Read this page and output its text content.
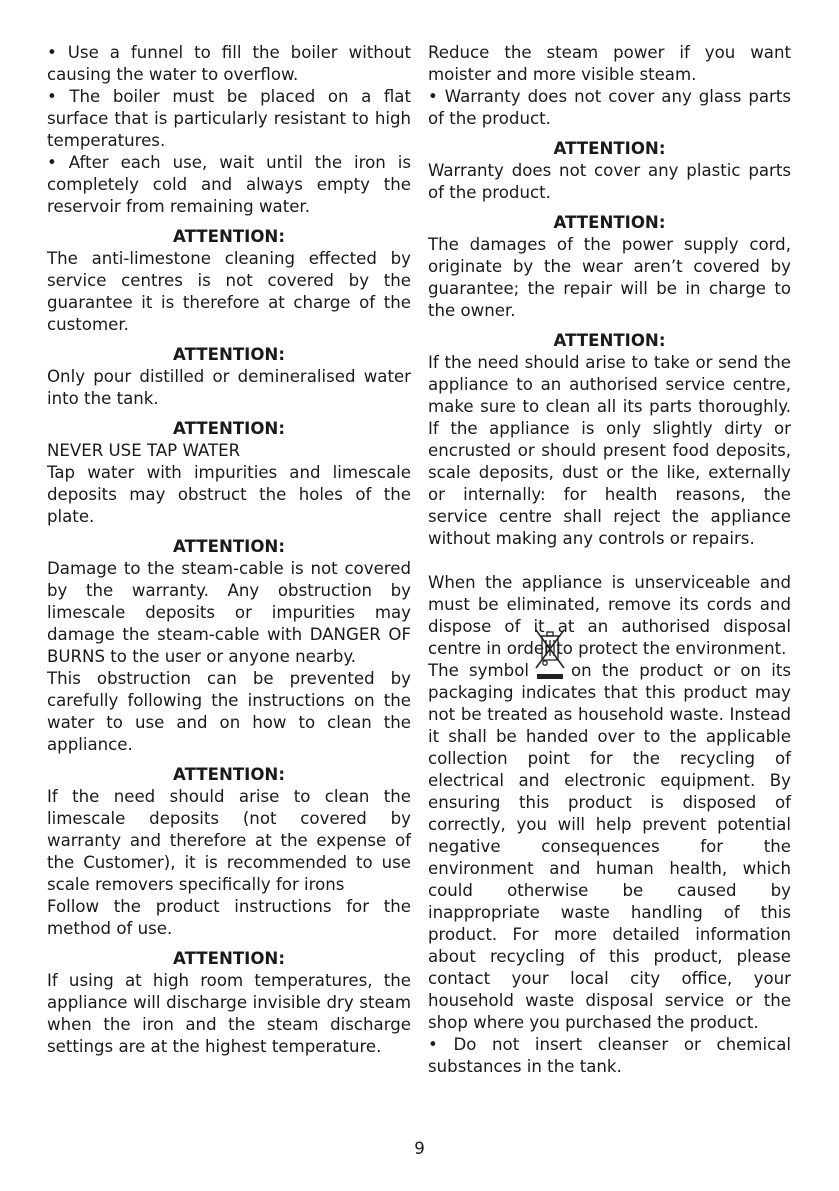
• Use a funnel to fill the boiler without causing the water to overflow.

• The boiler must be placed on a flat surface that is particularly resistant to high temperatures.

• After each use, wait until the iron is completely cold and always empty the reservoir from remaining water.

ATTENTION:

The anti-limestone cleaning effected by service centres is not covered by the guarantee it is therefore at charge of the customer.

ATTENTION:

Only pour distilled or demineralised water into the tank.

ATTENTION:

NEVER USE TAP WATER

Tap water with impurities and limescale deposits may obstruct the holes of the plate.

ATTENTION:

Damage to the steam-cable is not covered by the warranty. Any obstruction by limescale deposits or impurities may damage the steam-cable with DANGER OF BURNS to the user or anyone nearby.

This obstruction can be prevented by carefully following the instructions on the water to use and on how to clean the appliance.

ATTENTION:

If the need should arise to clean the limescale deposits (not covered by warranty and therefore at the expense of the Customer), it is recommended to use scale removers specifically for irons

Follow the product instructions for the method of use.

ATTENTION:

If using at high room temperatures, the appliance will discharge invisible dry steam when the iron and the steam discharge settings are at the highest temperature.

Reduce the steam power if you want moister and more visible steam.

• Warranty does not cover any glass parts of the product.

ATTENTION:

Warranty does not cover any plastic parts of the product.

ATTENTION:

The damages of the power supply cord, originate by the wear aren’t covered by guarantee; the repair will be in charge to the owner.

ATTENTION:

If the need should arise to take or send the appliance to an authorised service centre, make sure to clean all its parts thoroughly. If the appliance is only slightly dirty or encrusted or should present food deposits, scale deposits, dust or the like, externally or internally: for health reasons, the service centre shall reject the appliance without making any controls or repairs.

When the appliance is unserviceable and must be eliminated, remove its cords and dispose of it at an authorised disposal centre in order to protect the environment.

The symbol	on the product or on its packaging indicates that this product may not be treated as household waste. Instead it shall be handed over to the applicable collection point for the recycling of electrical and electronic equipment. By ensuring this product is disposed of correctly, you will help prevent potential negative consequences for the environment and human health, which could otherwise be caused by inappropriate waste handling of this product. For more detailed information about recycling of this product, please contact your local city office, your household waste disposal service or the shop where you purchased the product.

• Do not insert cleanser or chemical substances in the tank.

9
